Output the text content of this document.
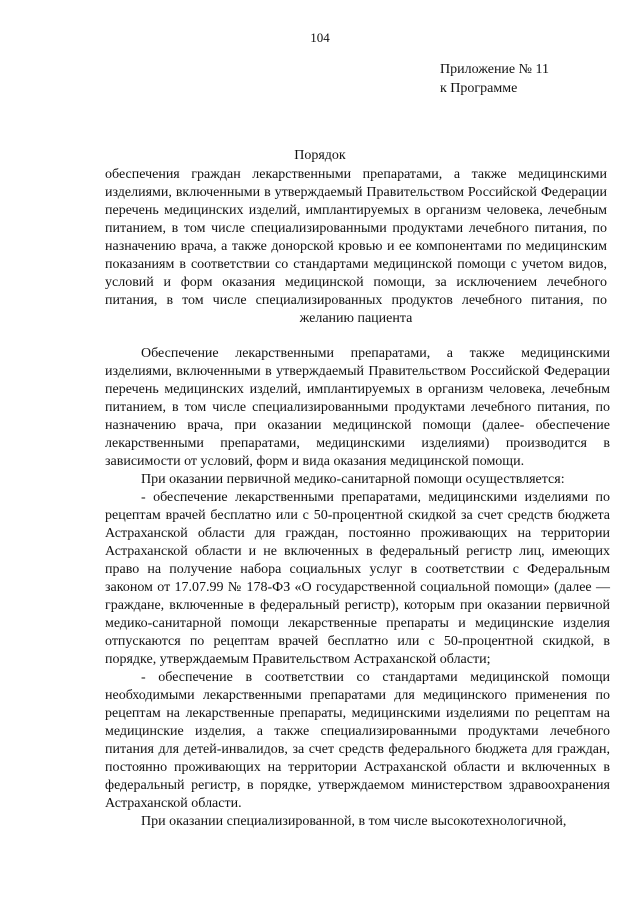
104
Приложение № 11
к Программе
Порядок
обеспечения граждан лекарственными препаратами, а также медицинскими изделиями, включенными в утверждаемый Правительством Российской Федерации перечень медицинских изделий, имплантируемых в организм человека, лечебным питанием, в том числе специализированными продуктами лечебного питания, по назначению врача, а также донорской кровью и ее компонентами по медицинским показаниям в соответствии со стандартами медицинской помощи с учетом видов, условий и форм оказания медицинской помощи, за исключением лечебного питания, в том числе специализированных продуктов лечебного питания, по желанию пациента

Обеспечение лекарственными препаратами, а также медицинскими изделиями, включенными в утверждаемый Правительством Российской Федерации перечень медицинских изделий, имплантируемых в организм человека, лечебным питанием, в том числе специализированными продуктами лечебного питания, по назначению врача, при оказании медицинской помощи (далее- обеспечение лекарственными препаратами, медицинскими изделиями) производится в зависимости от условий, форм и вида оказания медицинской помощи.

При оказании первичной медико-санитарной помощи осуществляется:

- обеспечение лекарственными препаратами, медицинскими изделиями по рецептам врачей бесплатно или с 50-процентной скидкой за счет средств бюджета Астраханской области для граждан, постоянно проживающих на территории Астраханской области и не включенных в федеральный регистр лиц, имеющих право на получение набора социальных услуг в соответствии с Федеральным законом от 17.07.99 № 178-ФЗ «О государственной социальной помощи» (далее — граждане, включенные в федеральный регистр), которым при оказании первичной медико-санитарной помощи лекарственные препараты и медицинские изделия отпускаются по рецептам врачей бесплатно или с 50-процентной скидкой, в порядке, утверждаемым Правительством Астраханской области;

- обеспечение в соответствии со стандартами медицинской помощи необходимыми лекарственными препаратами для медицинского применения по рецептам на лекарственные препараты, медицинскими изделиями по рецептам на медицинские изделия, а также специализированными продуктами лечебного питания для детей-инвалидов, за счет средств федерального бюджета для граждан, постоянно проживающих на территории Астраханской области и включенных в федеральный регистр, в порядке, утверждаемом министерством здравоохранения Астраханской области.

При оказании специализированной, в том числе высокотехнологичной,
